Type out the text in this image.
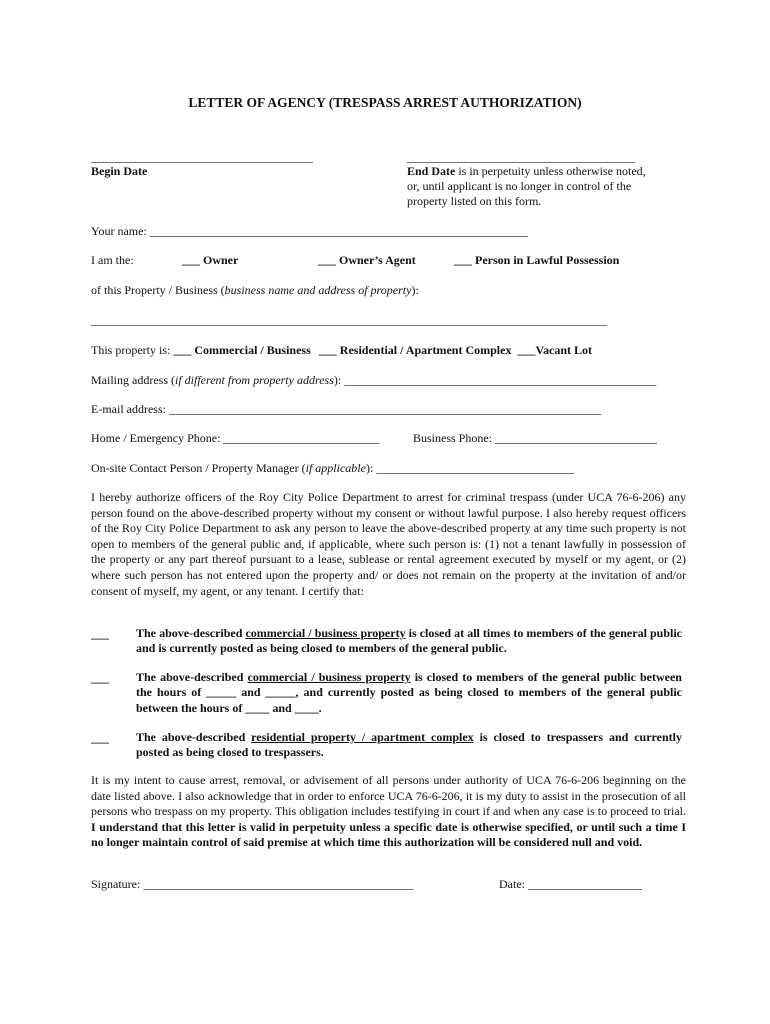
LETTER OF AGENCY (TRESPASS ARREST AUTHORIZATION)
_____________________________________
Begin Date
______________________________________
End Date is in perpetuity unless otherwise noted,
or, until applicant is no longer in control of the
property listed on this form.
Your name: _______________________________________________________________
I am the:	___ Owner	___ Owner’s Agent	___ Person in Lawful Possession
of this Property / Business (business name and address of property):
______________________________________________________________________________________
This property is: ___ Commercial / Business ___ Residential / Apartment Complex ___Vacant Lot
Mailing address (if different from property address): ____________________________________________________
E-mail address: ________________________________________________________________________
Home / Emergency Phone: __________________________	Business Phone: ___________________________
On-site Contact Person / Property Manager (if applicable): _________________________________
I hereby authorize officers of the Roy City Police Department to arrest for criminal trespass (under UCA 76-6-206) any person found on the above-described property without my consent or without lawful purpose. I also hereby request officers of the Roy City Police Department to ask any person to leave the above-described property at any time such property is not open to members of the general public and, if applicable, where such person is: (1) not a tenant lawfully in possession of the property or any part thereof pursuant to a lease, sublease or rental agreement executed by myself or my agent, or (2) where such person has not entered upon the property and/ or does not remain on the property at the invitation of and/or consent of myself, my agent, or any tenant. I certify that:
___ The above-described commercial / business property is closed at all times to members of the general public and is currently posted as being closed to members of the general public.
___ The above-described commercial / business property is closed to members of the general public between the hours of _____ and _____, and currently posted as being closed to members of the general public between the hours of ____ and ____.
___ The above-described residential property / apartment complex is closed to trespassers and currently posted as being closed to trespassers.
It is my intent to cause arrest, removal, or advisement of all persons under authority of UCA 76-6-206 beginning on the date listed above. I also acknowledge that in order to enforce UCA 76-6-206, it is my duty to assist in the prosecution of all persons who trespass on my property. This obligation includes testifying in court if and when any case is to proceed to trial. I understand that this letter is valid in perpetuity unless a specific date is otherwise specified, or until such a time I no longer maintain control of said premise at which time this authorization will be considered null and void.
Signature: _____________________________________________	Date: ___________________
